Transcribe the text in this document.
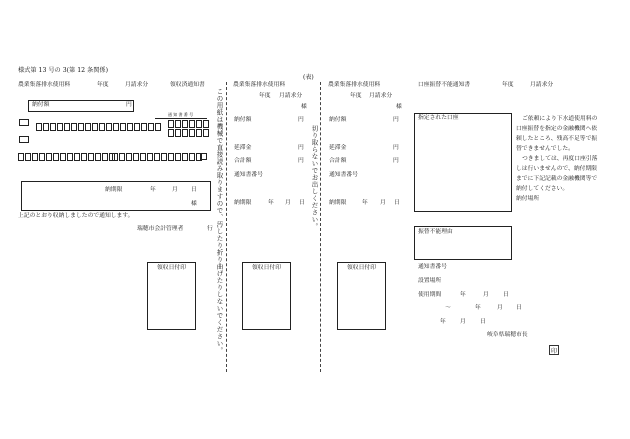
様式第 13 号の 3(第 12 条関係)
(表)
農業集落排水使用料	年度	月請求分	領収済通知書
納付額	円
通 知 書 番 号
納期限	年	月 日
様
上記のとおり収納しましたので通知します。
瑞穂市会計管理者	行
領収日付印	この用紙は機械で直接読み取りますので、汚したり折り曲げたりしないでください。	切り取らないでお出しください。
農業集落排水使用料
年度 月請求分
様
納付額	円
延滞金	円
合計額	円
通知書番号
納期限	年 月 日
領収日付印
農業集落排水使用料
年度 月請求分
様
納付額	円
延滞金	円
合計額	円
通知書番号
納期限	年 月 日
領収日付印
口座振替不能通知書	年度	月請求分
指定された口座	ご依頼により下水道使用料の
口座振替を指定の金融機関へ依
頼したところ、残高不足等で振
替できませんでした。
つきましては、再度口座引落
しは行いませんので、納付期限
までに下記記載の金融機関等で
納付してください。
納付場所
振替不能理由
通知書番号
設置場所
使用期間	年	月 日
～	年	月 日
年 月 日
岐阜県瑞穂市長
印
